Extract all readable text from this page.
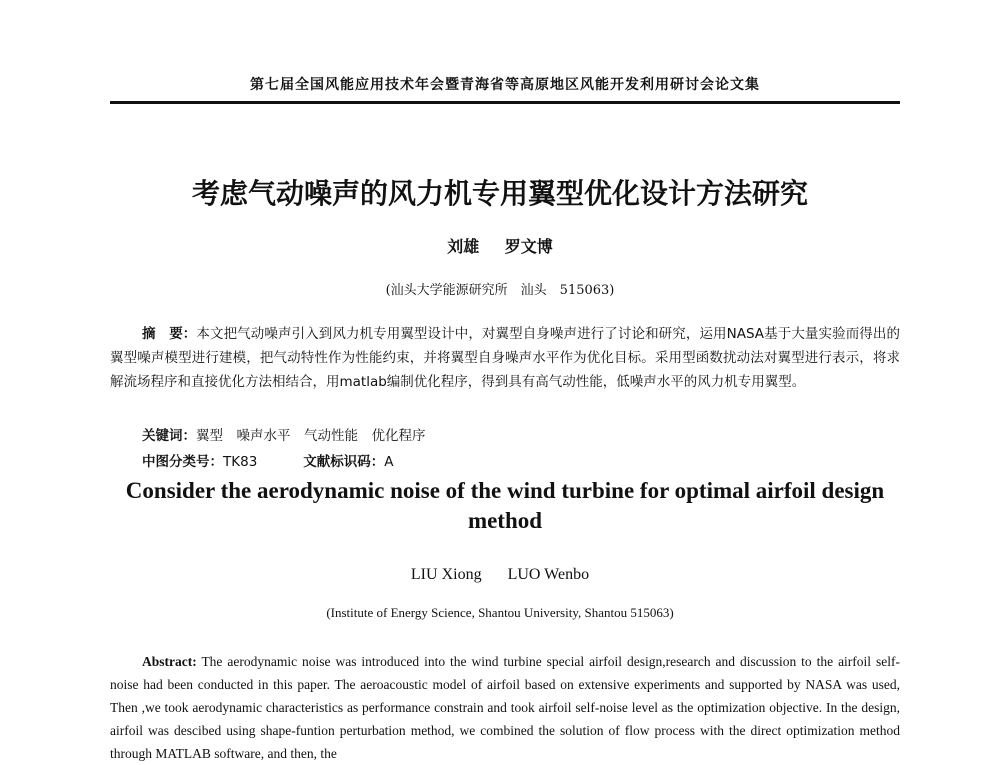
第七届全国风能应用技术年会暨青海省等高原地区风能开发利用研讨会论文集
考虑气动噪声的风力机专用翼型优化设计方法研究
刘雄 罗文博
(汕头大学能源研究所　汕头　515063)
摘　要：本文把气动噪声引入到风力机专用翼型设计中，对翼型自身噪声进行了讨论和研究，运用NASA基于大量实验而得出的翼型噪声模型进行建模，把气动特性作为性能约束，并将翼型自身噪声水平作为优化目标。采用型函数扰动法对翼型进行表示，将求解流场程序和直接优化方法相结合，用matlab编制优化程序，得到具有高气动性能，低噪声水平的风力机专用翼型。
关键词：翼型　噪声水平　气动性能　优化程序
中图分类号：TK83	文献标识码：A
Consider the aerodynamic noise of the wind turbine for optimal airfoil design method
LIU Xiong LUO Wenbo
(Institute of Energy Science, Shantou University, Shantou 515063)
Abstract: The aerodynamic noise was introduced into the wind turbine special airfoil design,research and discussion to the airfoil self-noise had been conducted in this paper. The aeroacoustic model of airfoil based on extensive experiments and supported by NASA was used, Then ,we took aerodynamic characteristics as performance constrain and took airfoil self-noise level as the optimization objective. In the design, airfoil was descibed using shape-funtion perturbation method, we combined the solution of flow process with the direct optimization method through MATLAB software, and then, the
